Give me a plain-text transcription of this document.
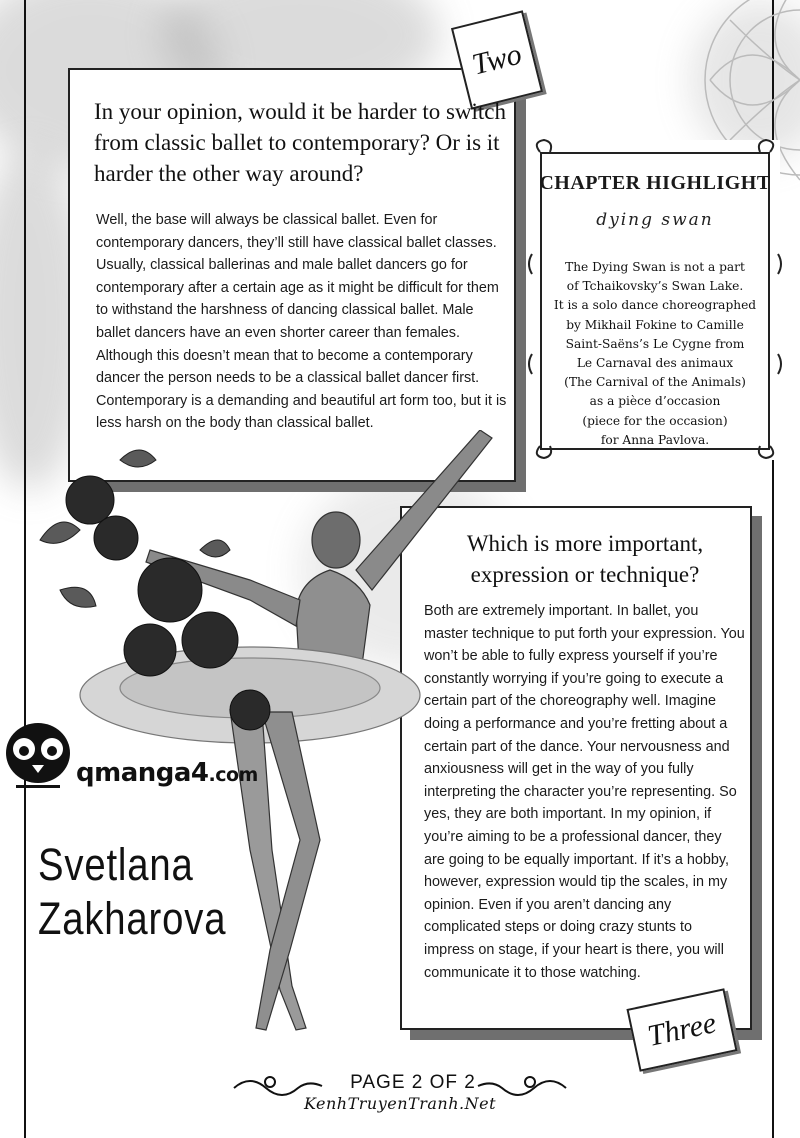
Two
In your opinion, would it be harder to switch from classic ballet to contemporary? Or is it harder the other way around?
Well, the base will always be classical ballet. Even for contemporary dancers, they’ll still have classical ballet classes. Usually, classical ballerinas and male ballet dancers go for contemporary after a certain age as it might be difficult for them to withstand the harshness of dancing classical ballet. Male ballet dancers have an even shorter career than females. Although this doesn’t mean that to become a contemporary dancer the person needs to be a classical ballet dancer first. Contemporary is a demanding and beautiful art form too, but it is less harsh on the body than classical ballet.
CHAPTER HIGHLIGHT
dying swan
The Dying Swan is not a part
of Tchaikovsky’s Swan Lake.
It is a solo dance choreographed
by Mikhail Fokine to Camille
Saint-Saëns’s Le Cygne from
Le Carnaval des animaux
(The Carnival of the Animals)
as a pièce d’occasion
(piece for the occasion)
for Anna Pavlova.
Which is more important, expression or technique?
Both are extremely important. In ballet, you master technique to put forth your expression. You won’t be able to fully express yourself if you’re constantly worrying if you’re going to execute a certain part of the choreography well. Imagine doing a performance and you’re fretting about a certain part of the dance. Your nervousness and anxiousness will get in the way of you fully interpreting the character you’re representing. So yes, they are both important. In my opinion, if you’re aiming to be a professional dancer, they are going to be equally important. If it’s a hobby, however, expression would tip the scales, in my opinion. Even if you aren’t dancing any complicated steps or doing crazy stunts to impress on stage, if your heart is there, you will communicate it to those watching.
Three
qmanga4.com
Svetlana
Zakharova
PAGE 2 OF 2
KenhTruyenTranh.Net
